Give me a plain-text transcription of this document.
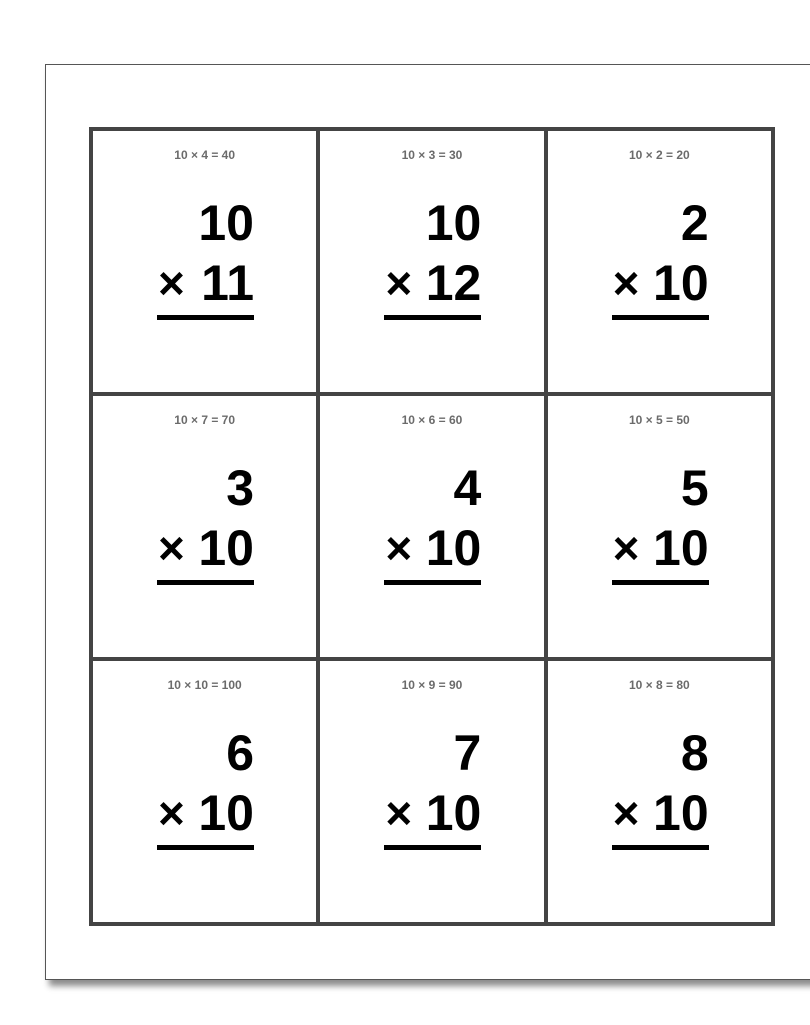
10 × 4 = 40
10
× 11
10 × 3 = 30
10
× 12
10 × 2 = 20
2
× 10
10 × 7 = 70
3
× 10
10 × 6 = 60
4
× 10
10 × 5 = 50
5
× 10
10 × 10 = 100
6
× 10
10 × 9 = 90
7
× 10
10 × 8 = 80
8
× 10
